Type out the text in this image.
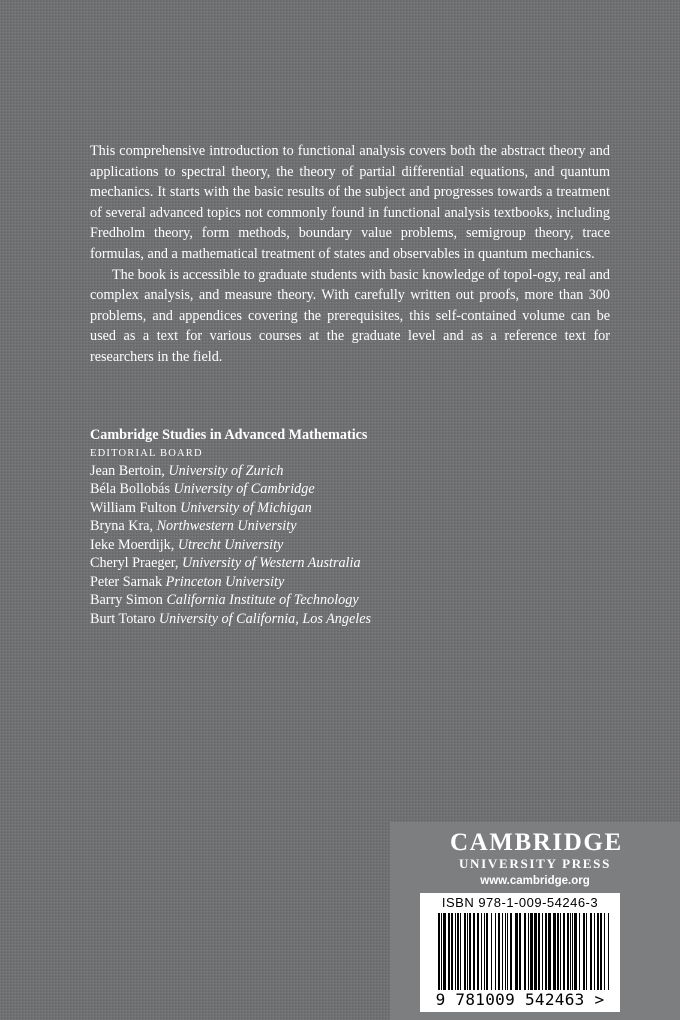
This comprehensive introduction to functional analysis covers both the abstract theory and applications to spectral theory, the theory of partial differential equations, and quantum mechanics. It starts with the basic results of the subject and progresses towards a treatment of several advanced topics not commonly found in functional analysis textbooks, including Fredholm theory, form methods, boundary value problems, semigroup theory, trace formulas, and a mathematical treatment of states and observables in quantum mechanics.

The book is accessible to graduate students with basic knowledge of topol-ogy, real and complex analysis, and measure theory. With carefully written out proofs, more than 300 problems, and appendices covering the prerequisites, this self-contained volume can be used as a text for various courses at the graduate level and as a reference text for researchers in the field.

Cambridge Studies in Advanced Mathematics
EDITORIAL BOARD
Jean Bertoin, University of Zurich
Béla Bollobás University of Cambridge
William Fulton University of Michigan
Bryna Kra, Northwestern University
Ieke Moerdijk, Utrecht University
Cheryl Praeger, University of Western Australia
Peter Sarnak Princeton University
Barry Simon California Institute of Technology
Burt Totaro University of California, Los Angeles
CAMBRIDGE
UNIVERSITY PRESS
www.cambridge.org
ISBN 978-1-009-54246-3
9 781009 542463 >
